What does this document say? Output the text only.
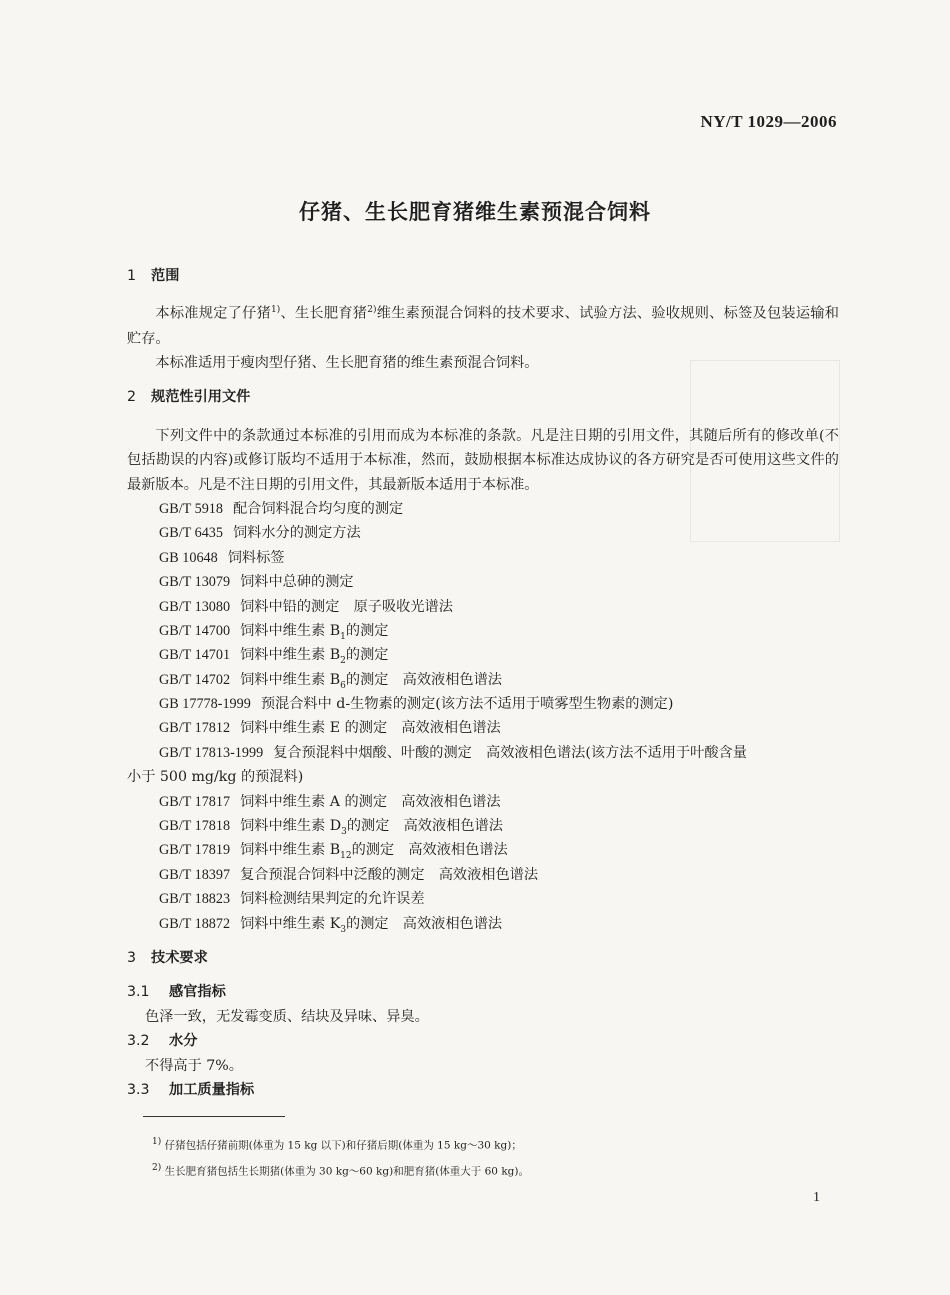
NY/T 1029—2006
仔猪、生长肥育猪维生素预混合饲料
1 范围

本标准规定了仔猪$^{1)}$、生长肥育猪$^{2)}$维生素预混合饲料的技术要求、试验方法、验收规则、标签及包装运输和贮存。

本标准适用于瘦肉型仔猪、生长肥育猪的维生素预混合饲料。

2 规范性引用文件

下列文件中的条款通过本标准的引用而成为本标准的条款。凡是注日期的引用文件，其随后所有的修改单(不包括勘误的内容)或修订版均不适用于本标准，然而，鼓励根据本标准达成协议的各方研究是否可使用这些文件的最新版本。凡是不注日期的引用文件，其最新版本适用于本标准。

GB/T 5918 配合饲料混合均匀度的测定
GB/T 6435 饲料水分的测定方法
GB 10648 饲料标签
GB/T 13079 饲料中总砷的测定
GB/T 13080 饲料中铅的测定　原子吸收光谱法
GB/T 14700 饲料中维生素 $B_1$的测定
GB/T 14701 饲料中维生素 $B_2$的测定
GB/T 14702 饲料中维生素 $B_6$的测定　高效液相色谱法
GB 17778-1999 预混合料中 d-生物素的测定(该方法不适用于喷雾型生物素的测定)
GB/T 17812 饲料中维生素 E 的测定　高效液相色谱法
GB/T 17813-1999 复合预混料中烟酸、叶酸的测定　高效液相色谱法(该方法不适用于叶酸含量
小于 500 mg/kg 的预混料)
GB/T 17817 饲料中维生素 A 的测定　高效液相色谱法
GB/T 17818 饲料中维生素 $D_3$的测定　高效液相色谱法
GB/T 17819 饲料中维生素 $B_{12}$的测定　高效液相色谱法
GB/T 18397 复合预混合饲料中泛酸的测定　高效液相色谱法
GB/T 18823 饲料检测结果判定的允许误差
GB/T 18872 饲料中维生素 $K_3$的测定　高效液相色谱法
3 技术要求
3.1 感官指标
色泽一致，无发霉变质、结块及异味、异臭。
3.2 水分
不得高于 7%。
3.3 加工质量指标
$^{1)}$ 仔猪包括仔猪前期(体重为 15 kg 以下)和仔猪后期(体重为 15 kg～30 kg)；
$^{2)}$ 生长肥育猪包括生长期猪(体重为 30 kg～60 kg)和肥育猪(体重大于 60 kg)。
1
